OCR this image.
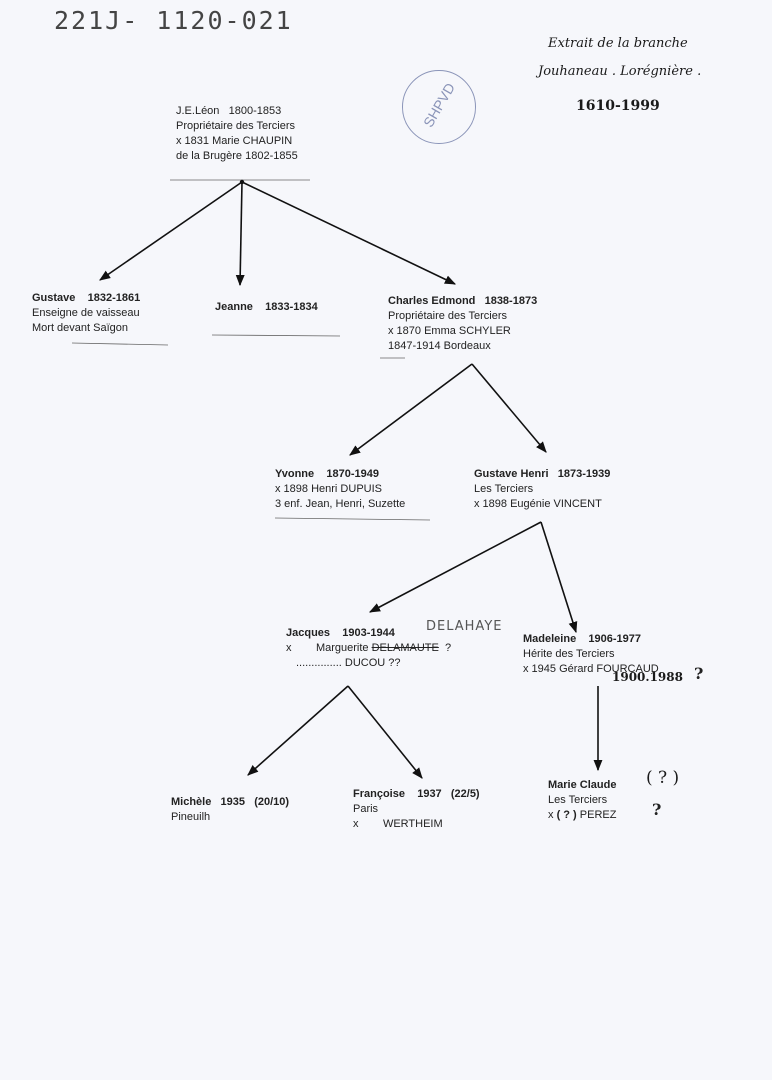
221J- 1120-021
Extrait de la branche
Jouhaneau . Lorégnière .
1610-1999
SHPVD
J.E.Léon 1800-1853
Propriétaire des Terciers
x 1831 Marie CHAUPIN
de la Brugère 1802-1855
Gustave 1832-1861
Enseigne de vaisseau
Mort devant Saïgon
Jeanne 1833-1834	Charles Edmond 1838-1873
Propriétaire des Terciers
x 1870 Emma SCHYLER
1847-1914 Bordeaux
Yvonne 1870-1949
x 1898 Henri DUPUIS
3 enf. Jean, Henri, Suzette
Gustave Henri 1873-1939
Les Terciers
x 1898 Eugénie VINCENT
Jacques 1903-1944
x Marguerite DELAMAUTE ?
............... DUCOU ??
DELAHAYE
Madeleine 1906-1977
Hérite des Terciers
x 1945 Gérard FOURCAUD
1900.1988 ?
Michèle 1935 (20/10)
Pineuilh
Françoise 1937 (22/5)
Paris
x WERTHEIM
Marie Claude
Les Terciers
x ( ? ) PEREZ
( ? )
?
